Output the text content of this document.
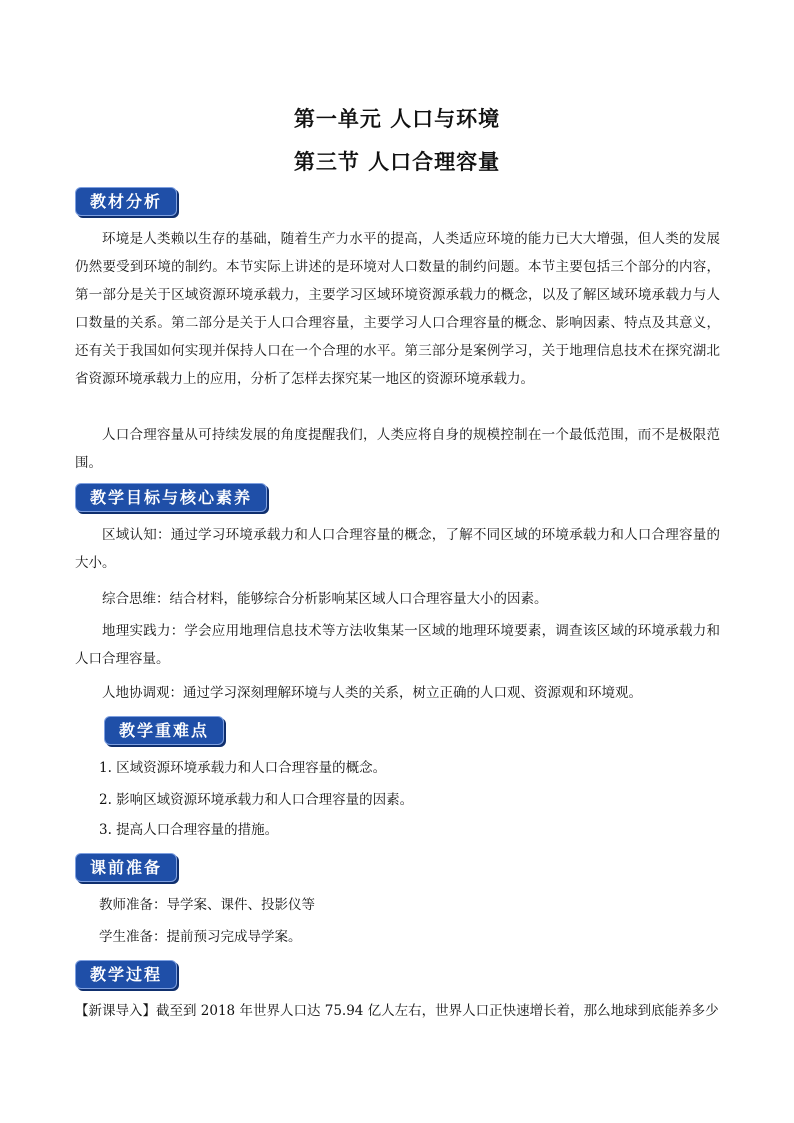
第一单元 人口与环境
第三节 人口合理容量
教材分析

环境是人类赖以生存的基础，随着生产力水平的提高，人类适应环境的能力已大大增强，但人类的发展仍然要受到环境的制约。本节实际上讲述的是环境对人口数量的制约问题。本节主要包括三个部分的内容，第一部分是关于区域资源环境承载力，主要学习区域环境资源承载力的概念，以及了解区域环境承载力与人口数量的关系。第二部分是关于人口合理容量，主要学习人口合理容量的概念、影响因素、特点及其意义，还有关于我国如何实现并保持人口在一个合理的水平。第三部分是案例学习，关于地理信息技术在探究湖北省资源环境承载力上的应用，分析了怎样去探究某一地区的资源环境承载力。

人口合理容量从可持续发展的角度提醒我们，人类应将自身的规模控制在一个最低范围，而不是极限范围。

教学目标与核心素养

区域认知：通过学习环境承载力和人口合理容量的概念，了解不同区域的环境承载力和人口合理容量的大小。

综合思维：结合材料，能够综合分析影响某区域人口合理容量大小的因素。

地理实践力：学会应用地理信息技术等方法收集某一区域的地理环境要素，调查该区域的环境承载力和人口合理容量。

人地协调观：通过学习深刻理解环境与人类的关系，树立正确的人口观、资源观和环境观。

教学重难点

1. 区域资源环境承载力和人口合理容量的概念。

2. 影响区域资源环境承载力和人口合理容量的因素。

3. 提高人口合理容量的措施。

课前准备

教师准备：导学案、课件、投影仪等

学生准备：提前预习完成导学案。

教学过程

【新课导入】截至到 2018 年世界人口达 75.94 亿人左右，世界人口正快速增长着，那么地球到底能养多少
